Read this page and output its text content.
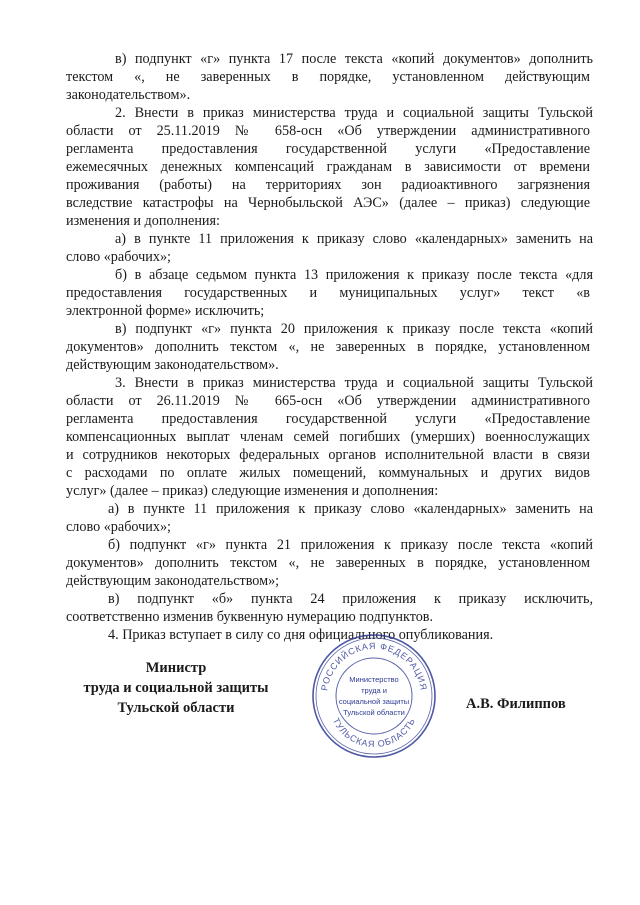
в) подпункт «г» пункта 17 после текста «копий документов» дополнить
текстом «, не заверенных в порядке, установленном действующим
законодательством».
2. Внести в приказ министерства труда и социальной защиты Тульской
области от 25.11.2019 № 658-осн «Об утверждении административного
регламента предоставления государственной услуги «Предоставление
ежемесячных денежных компенсаций гражданам в зависимости от времени
проживания (работы) на территориях зон радиоактивного загрязнения
вследствие катастрофы на Чернобыльской АЭС» (далее – приказ) следующие
изменения и дополнения:
а) в пункте 11 приложения к приказу слово «календарных» заменить на
слово «рабочих»;
б) в абзаце седьмом пункта 13 приложения к приказу после текста «для
предоставления государственных и муниципальных услуг» текст «в
электронной форме» исключить;
в) подпункт «г» пункта 20 приложения к приказу после текста «копий
документов» дополнить текстом «, не заверенных в порядке, установленном
действующим законодательством».
3. Внести в приказ министерства труда и социальной защиты Тульской
области от 26.11.2019 № 665-осн «Об утверждении административного
регламента предоставления государственной услуги «Предоставление
компенсационных выплат членам семей погибших (умерших) военнослужащих
и сотрудников некоторых федеральных органов исполнительной власти в связи
с расходами по оплате жилых помещений, коммунальных и других видов
услуг» (далее – приказ) следующие изменения и дополнения:
а) в пункте 11 приложения к приказу слово «календарных» заменить на
слово «рабочих»;
б) подпункт «г» пункта 21 приложения к приказу после текста «копий
документов» дополнить текстом «, не заверенных в порядке, установленном
действующим законодательством»;
в) подпункт «б» пункта 24 приложения к приказу исключить,
соответственно изменив буквенную нумерацию подпунктов.
4. Приказ вступает в силу со дня официального опубликования.
Министр
труда и социальной защиты
Тульской области	А.В. Филиппов
РОССИЙСКАЯ ФЕДЕРАЦИЯ
ТУЛЬСКАЯ ОБЛАСТЬ
Министерство
труда и
социальной защиты
Тульской области
